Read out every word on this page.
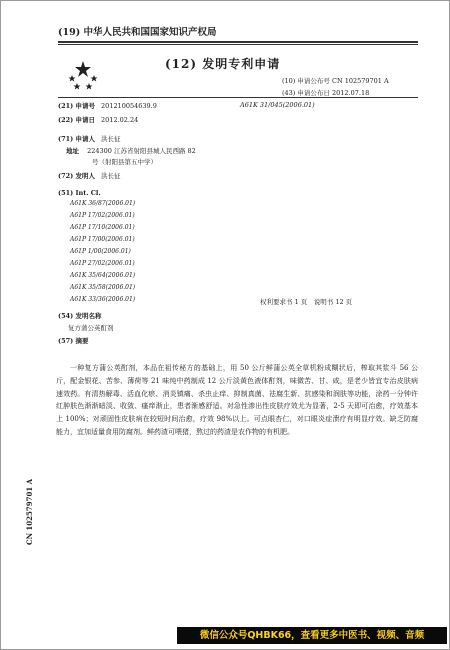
(19) 中华人民共和国国家知识产权局
(12) 发明专利申请
(10) 申请公布号 CN 102579701 A
(43) 申请公布日 2012.07.18
(21) 申请号 201210054639.9	A61K 31/045(2006.01)
(22) 申请日 2012.02.24
(71) 申请人 洪长征
地址 224300 江苏省射阳县城人民西路 82
号（射阳县第五中学）
(72) 发明人 洪长征
(51) Int. Cl.
A61K 36/87(2006.01)
A61P 17/02(2006.01)
A61P 17/10(2006.01)
A61P 17/00(2006.01)
A61P 1/00(2006.01)
A61P 27/02(2006.01)
A61K 35/64(2006.01)
A61K 35/58(2006.01)
A61K 33/36(2006.01)	权利要求书 1 页　说明书 12 页
(54) 发明名称
复方蒲公英酊剂
(57) 摘要
一种复方蒲公英酊剂，本品在祖传秘方的基础上，用 50 公斤鲜蒲公英全草机粉成糊状后，榨取其浆斗 56 公斤，配金银花、苦参、薄荷等 21 味纯中药制成 12 公斤淡黄色液体酊剂，味微苦、甘、咸，是老少皆宜专治皮肤病速效药。有清热解毒、活血化瘀、消炎镇痛、杀虫止痒、抑制真菌、祛腐生新、抗感染和润肤等功能，涂药一分钟许红肿肤色渐渐暗淡、收敛、瘙痒渐止，患者渐感舒适。对急性渗出性皮肤疗效尤为显著，2-5 天即可治愈，疗效基本上 100%；对顽固性皮肤病在较短时间治愈，疗效 98%以上。可点眼杏仁，对口眼炎症溃疗有明显疗效。缺乏防腐能力，宜加适量食用防腐剂。鲜药渣可喂猪，熬过的药渣是农作物的有机肥。
CN 102579701 A
微信公众号QHBK66，查看更多中医书、视频、音频
